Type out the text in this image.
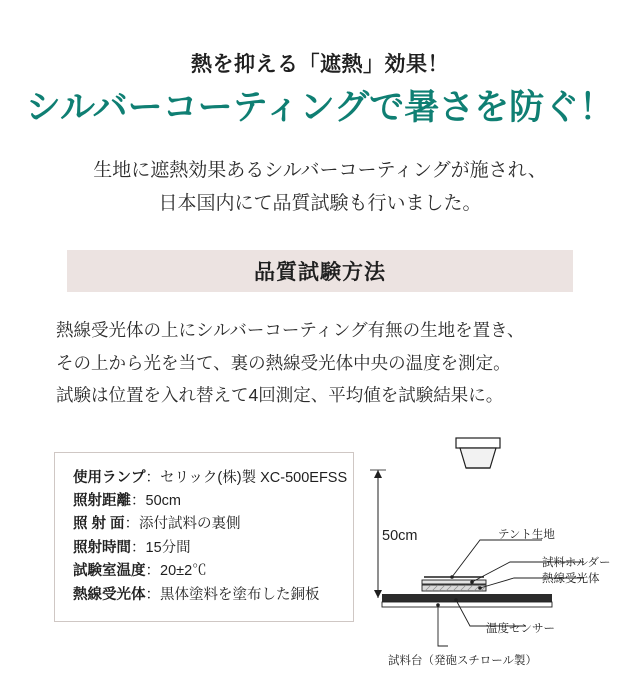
熱を抑える「遮熱」効果！
シルバーコーティングで暑さを防ぐ！
生地に遮熱効果あるシルバーコーティングが施され、
日本国内にて品質試験も行いました。
品質試験方法
熱線受光体の上にシルバーコーティング有無の生地を置き、
その上から光を当て、裏の熱線受光体中央の温度を測定。
試験は位置を入れ替えて4回測定、平均値を試験結果に。
使用ランプ：セリック(株)製 XC-500EFSS
照射距離：50cm
照 射 面：添付試料の裏側
照射時間：15分間
試験室温度：20±2℃
熱線受光体：黒体塗料を塗布した銅板
50cm	テント生地
試料ホルダー
熱線受光体
温度センサー
試料台（発砲スチロール製）
